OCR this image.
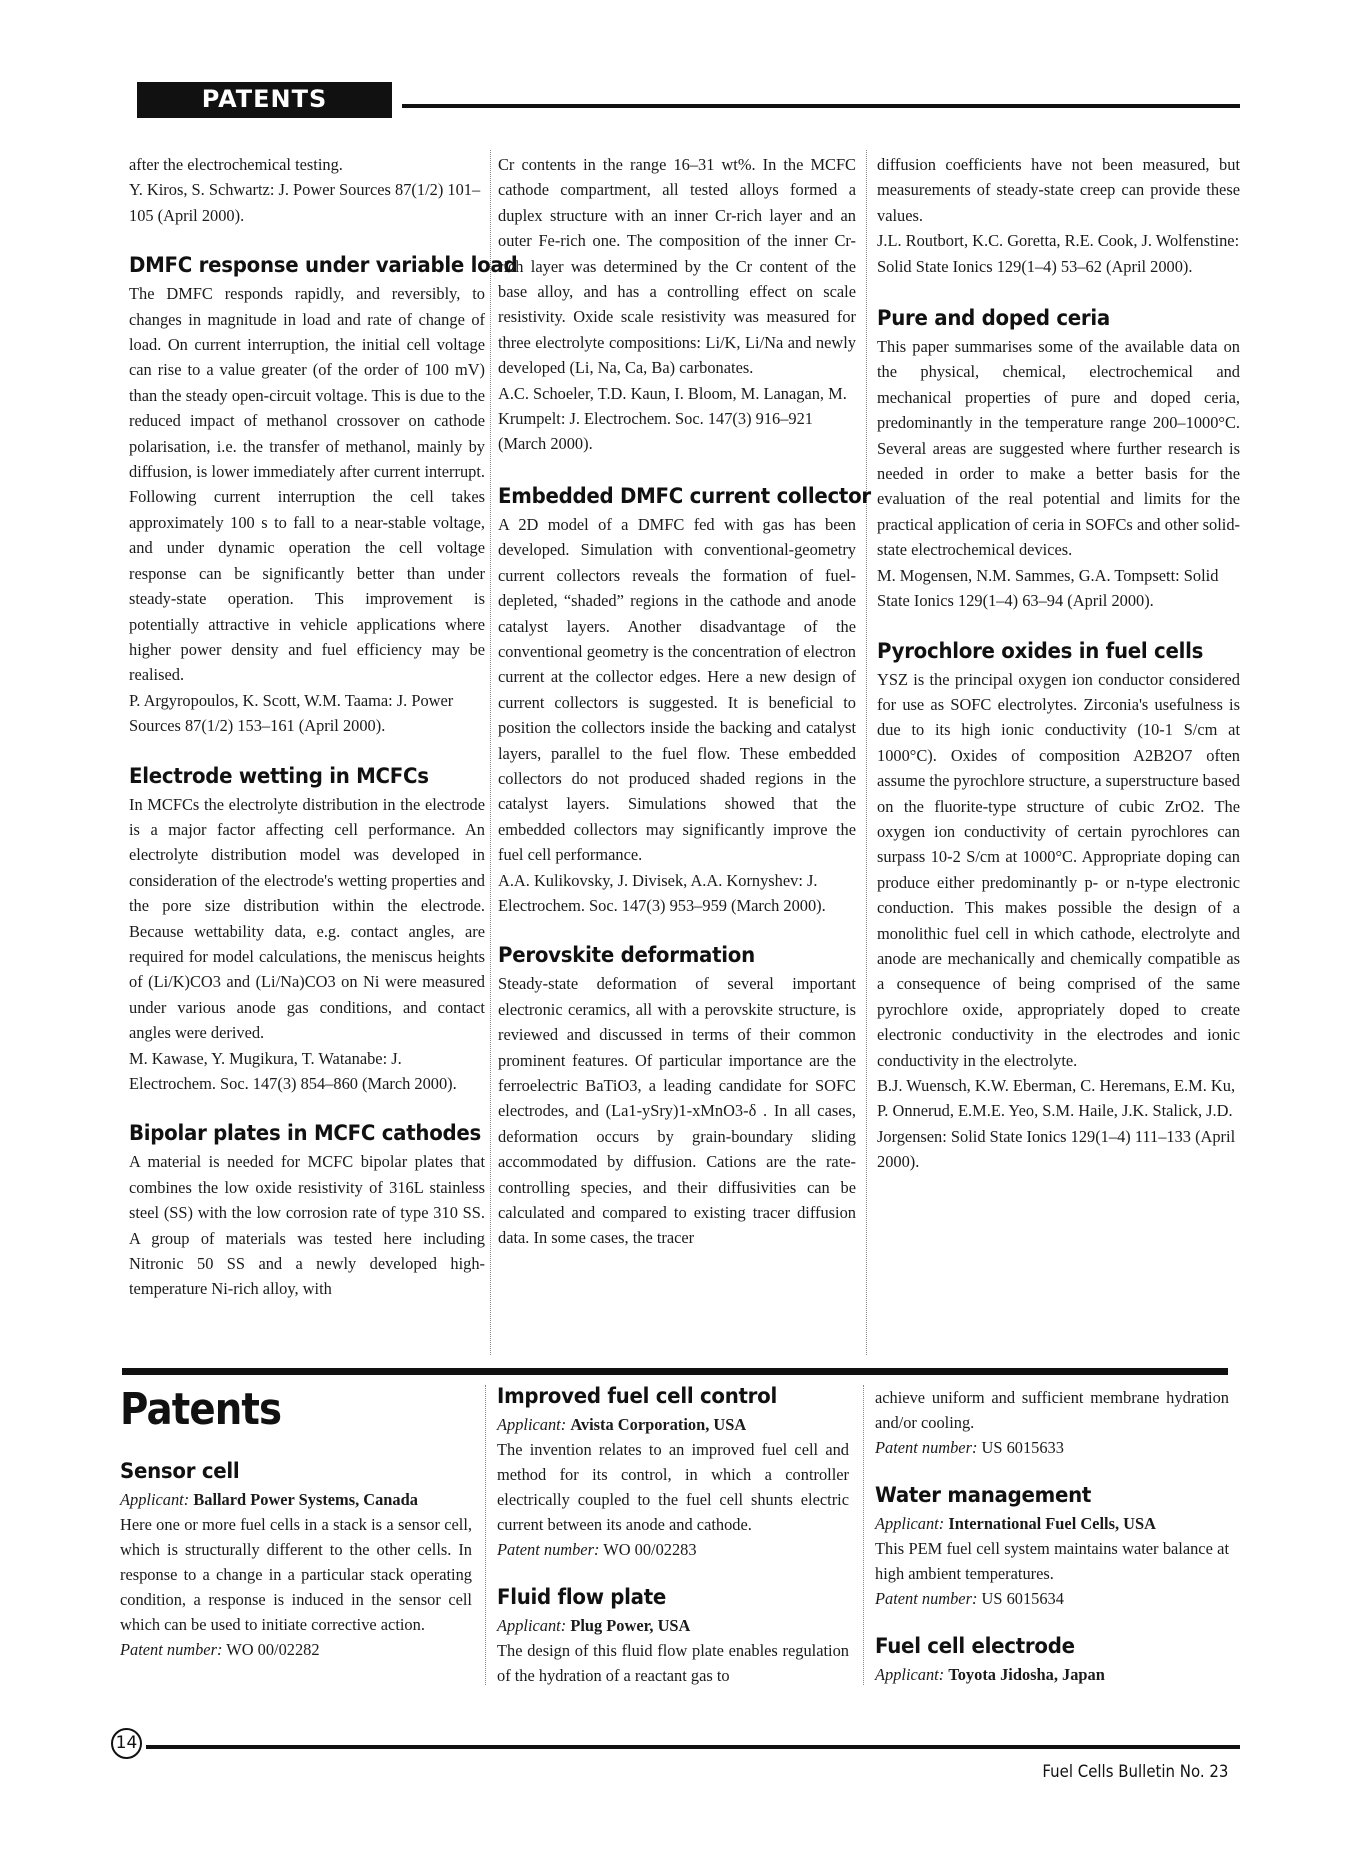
PATENTS

after the electrochemical testing.

Y. Kiros, S. Schwartz: J. Power Sources 87(1/2) 101–105 (April 2000).

DMFC response under variable load

The DMFC responds rapidly, and reversibly, to changes in magnitude in load and rate of change of load. On current interruption, the initial cell voltage can rise to a value greater (of the order of 100 mV) than the steady open-circuit voltage. This is due to the reduced impact of methanol crossover on cathode polarisation, i.e. the transfer of methanol, mainly by diffusion, is lower immediately after current interrupt. Following current interruption the cell takes approximately 100 s to fall to a near-stable voltage, and under dynamic operation the cell voltage response can be significantly better than under steady-state operation. This improvement is potentially attractive in vehicle applications where higher power density and fuel efficiency may be realised.

P. Argyropoulos, K. Scott, W.M. Taama: J. Power Sources 87(1/2) 153–161 (April 2000).

Electrode wetting in MCFCs

In MCFCs the electrolyte distribution in the electrode is a major factor affecting cell performance. An electrolyte distribution model was developed in consideration of the electrode's wetting properties and the pore size distribution within the electrode. Because wettability data, e.g. contact angles, are required for model calculations, the meniscus heights of (Li/K)CO3 and (Li/Na)CO3 on Ni were measured under various anode gas conditions, and contact angles were derived.

M. Kawase, Y. Mugikura, T. Watanabe: J. Electrochem. Soc. 147(3) 854–860 (March 2000).

Bipolar plates in MCFC cathodes

A material is needed for MCFC bipolar plates that combines the low oxide resistivity of 316L stainless steel (SS) with the low corrosion rate of type 310 SS. A group of materials was tested here including Nitronic 50 SS and a newly developed high-temperature Ni-rich alloy, with

Cr contents in the range 16–31 wt%. In the MCFC cathode compartment, all tested alloys formed a duplex structure with an inner Cr-rich layer and an outer Fe-rich one. The composition of the inner Cr-rich layer was determined by the Cr content of the base alloy, and has a controlling effect on scale resistivity. Oxide scale resistivity was measured for three electrolyte compositions: Li/K, Li/Na and newly developed (Li, Na, Ca, Ba) carbonates.

A.C. Schoeler, T.D. Kaun, I. Bloom, M. Lanagan, M. Krumpelt: J. Electrochem. Soc. 147(3) 916–921 (March 2000).

Embedded DMFC current collector

A 2D model of a DMFC fed with gas has been developed. Simulation with conventional-geometry current collectors reveals the formation of fuel-depleted, “shaded” regions in the cathode and anode catalyst layers. Another disadvantage of the conventional geometry is the concentration of electron current at the collector edges. Here a new design of current collectors is suggested. It is beneficial to position the collectors inside the backing and catalyst layers, parallel to the fuel flow. These embedded collectors do not produced shaded regions in the catalyst layers. Simulations showed that the embedded collectors may significantly improve the fuel cell performance.

A.A. Kulikovsky, J. Divisek, A.A. Kornyshev: J. Electrochem. Soc. 147(3) 953–959 (March 2000).

Perovskite deformation

Steady-state deformation of several important electronic ceramics, all with a perovskite structure, is reviewed and discussed in terms of their common prominent features. Of particular importance are the ferroelectric BaTiO3, a leading candidate for SOFC electrodes, and (La1-ySry)1-xMnO3-δ . In all cases, deformation occurs by grain-boundary sliding accommodated by diffusion. Cations are the rate-controlling species, and their diffusivities can be calculated and compared to existing tracer diffusion data. In some cases, the tracer

diffusion coefficients have not been measured, but measurements of steady-state creep can provide these values.

J.L. Routbort, K.C. Goretta, R.E. Cook, J. Wolfenstine: Solid State Ionics 129(1–4) 53–62 (April 2000).

Pure and doped ceria

This paper summarises some of the available data on the physical, chemical, electrochemical and mechanical properties of pure and doped ceria, predominantly in the temperature range 200–1000°C. Several areas are suggested where further research is needed in order to make a better basis for the evaluation of the real potential and limits for the practical application of ceria in SOFCs and other solid-state electrochemical devices.

M. Mogensen, N.M. Sammes, G.A. Tompsett: Solid State Ionics 129(1–4) 63–94 (April 2000).

Pyrochlore oxides in fuel cells

YSZ is the principal oxygen ion conductor considered for use as SOFC electrolytes. Zirconia's usefulness is due to its high ionic conductivity (10-1 S/cm at 1000°C). Oxides of composition A2B2O7 often assume the pyrochlore structure, a superstructure based on the fluorite-type structure of cubic ZrO2. The oxygen ion conductivity of certain pyrochlores can surpass 10-2 S/cm at 1000°C. Appropriate doping can produce either predominantly p- or n-type electronic conduction. This makes possible the design of a monolithic fuel cell in which cathode, electrolyte and anode are mechanically and chemically compatible as a consequence of being comprised of the same pyrochlore oxide, appropriately doped to create electronic conductivity in the electrodes and ionic conductivity in the electrolyte.

B.J. Wuensch, K.W. Eberman, C. Heremans, E.M. Ku, P. Onnerud, E.M.E. Yeo, S.M. Haile, J.K. Stalick, J.D. Jorgensen: Solid State Ionics 129(1–4) 111–133 (April 2000).

Patents
Sensor cell

Applicant: Ballard Power Systems, Canada

Here one or more fuel cells in a stack is a sensor cell, which is structurally different to the other cells. In response to a change in a particular stack operating condition, a response is induced in the sensor cell which can be used to initiate corrective action.

Patent number: WO 00/02282

Improved fuel cell control

Applicant: Avista Corporation, USA

The invention relates to an improved fuel cell and method for its control, in which a controller electrically coupled to the fuel cell shunts electric current between its anode and cathode.

Patent number: WO 00/02283

Fluid flow plate

Applicant: Plug Power, USA

The design of this fluid flow plate enables regulation of the hydration of a reactant gas to

achieve uniform and sufficient membrane hydration and/or cooling.

Patent number: US 6015633

Water management

Applicant: International Fuel Cells, USA

This PEM fuel cell system maintains water balance at high ambient temperatures.

Patent number: US 6015634

Fuel cell electrode

Applicant: Toyota Jidosha, Japan

14
Fuel Cells Bulletin No. 23
